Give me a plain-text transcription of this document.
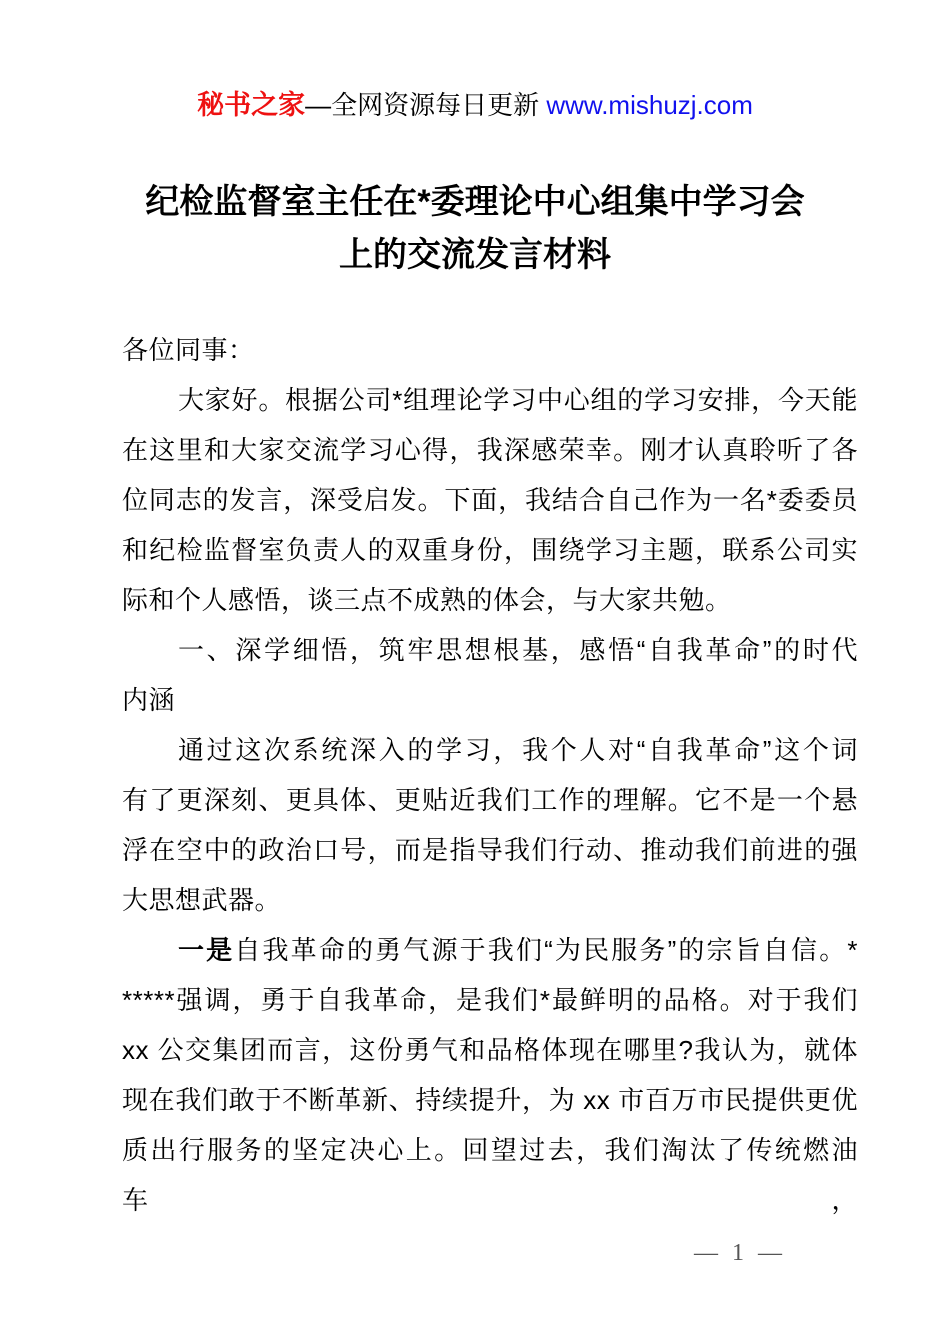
秘书之家—全网资源每日更新 www.mishuzj.com
纪检监督室主任在*委理论中心组集中学习会
上的交流发言材料
各位同事：
大家好。根据公司*组理论学习中心组的学习安排，今天能
在这里和大家交流学习心得，我深感荣幸。刚才认真聆听了各
位同志的发言，深受启发。下面，我结合自己作为一名*委委员
和纪检监督室负责人的双重身份，围绕学习主题，联系公司实
际和个人感悟，谈三点不成熟的体会，与大家共勉。
一、深学细悟，筑牢思想根基，感悟“自我革命”的时代
内涵
通过这次系统深入的学习，我个人对“自我革命”这个词
有了更深刻、更具体、更贴近我们工作的理解。它不是一个悬
浮在空中的政治口号，而是指导我们行动、推动我们前进的强
大思想武器。
一是自我革命的勇气源于我们“为民服务”的宗旨自信。*
*****强调，勇于自我革命，是我们*最鲜明的品格。对于我们
xx 公交集团而言，这份勇气和品格体现在哪里?我认为，就体
现在我们敢于不断革新、持续提升，为 xx 市百万市民提供更优
质出行服务的坚定决心上。回望过去，我们淘汰了传统燃油车，
— 1 —
